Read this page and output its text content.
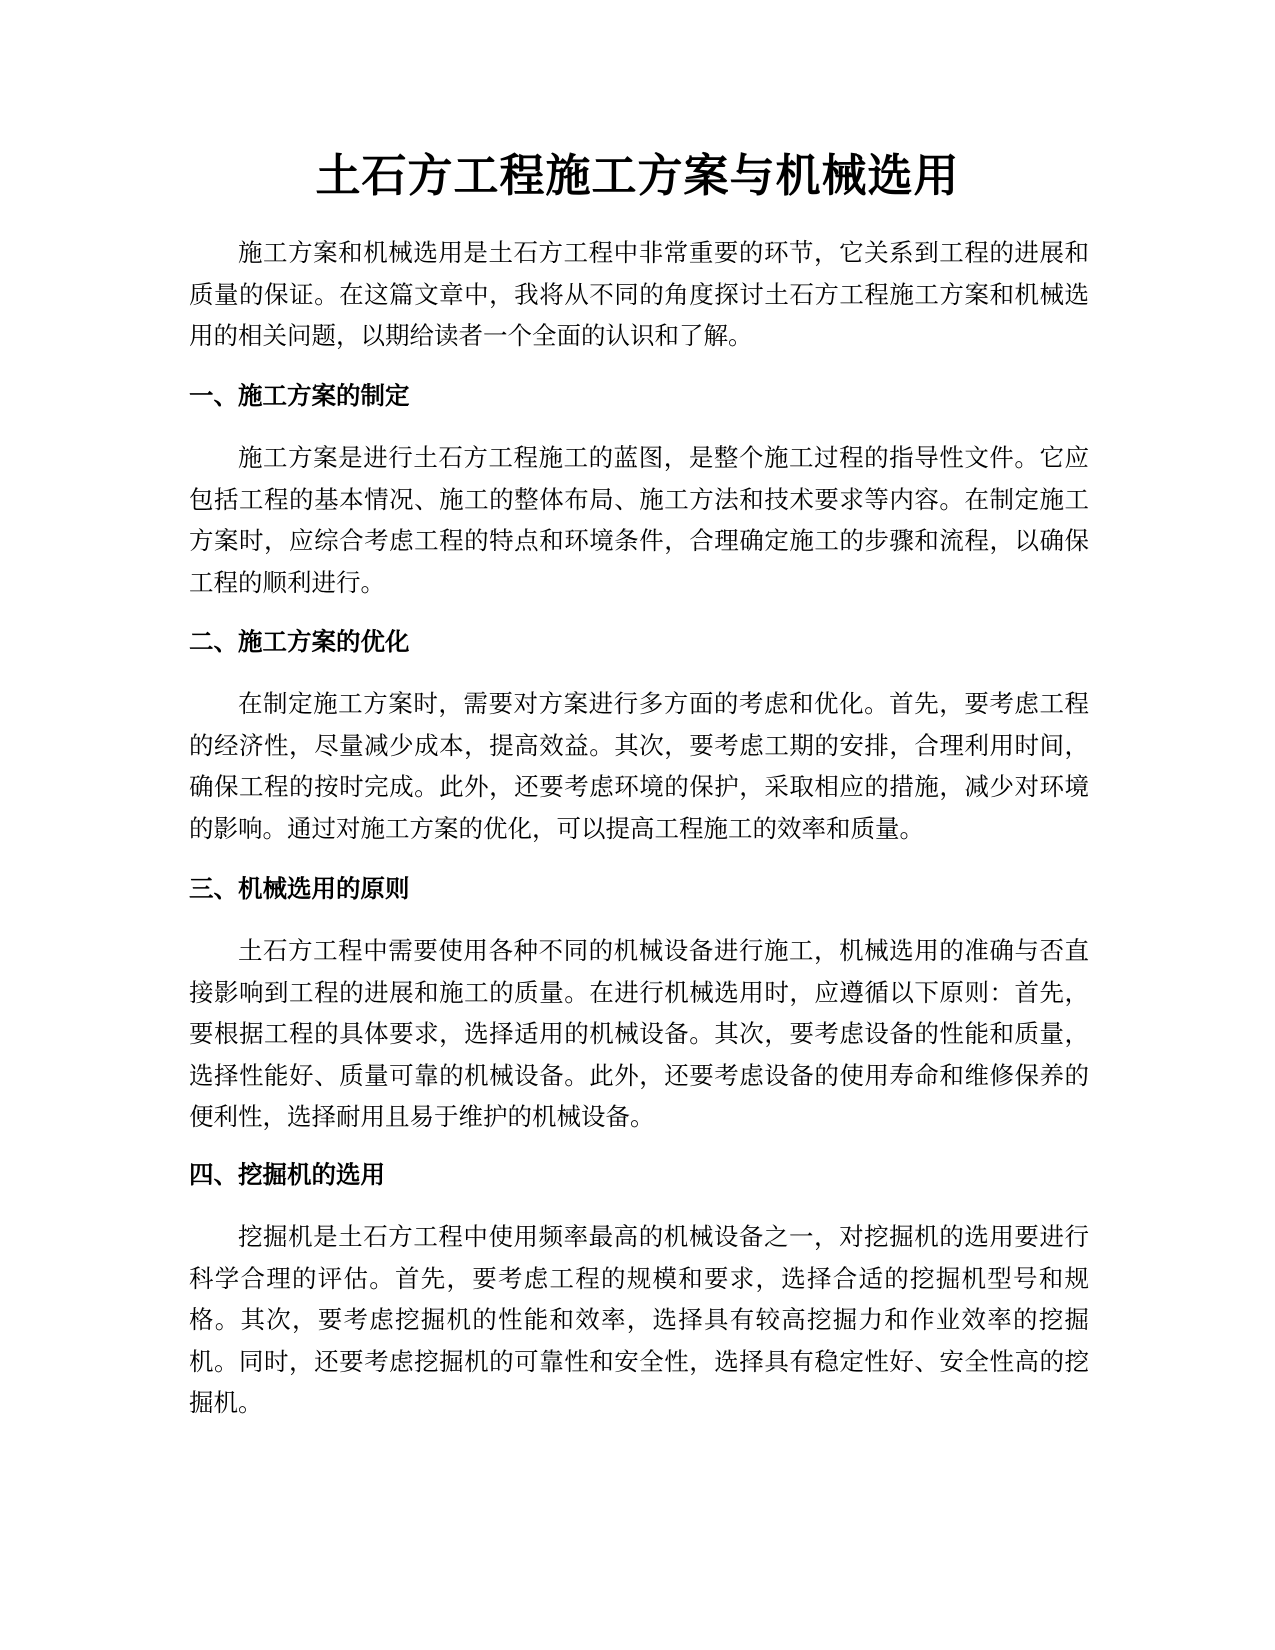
土石方工程施工方案与机械选用

施工方案和机械选用是土石方工程中非常重要的环节，它关系到工程的进展和质量的保证。在这篇文章中，我将从不同的角度探讨土石方工程施工方案和机械选用的相关问题，以期给读者一个全面的认识和了解。

一、施工方案的制定

施工方案是进行土石方工程施工的蓝图，是整个施工过程的指导性文件。它应包括工程的基本情况、施工的整体布局、施工方法和技术要求等内容。在制定施工方案时，应综合考虑工程的特点和环境条件，合理确定施工的步骤和流程，以确保工程的顺利进行。

二、施工方案的优化

在制定施工方案时，需要对方案进行多方面的考虑和优化。首先，要考虑工程的经济性，尽量减少成本，提高效益。其次，要考虑工期的安排，合理利用时间，确保工程的按时完成。此外，还要考虑环境的保护，采取相应的措施，减少对环境的影响。通过对施工方案的优化，可以提高工程施工的效率和质量。

三、机械选用的原则

土石方工程中需要使用各种不同的机械设备进行施工，机械选用的准确与否直接影响到工程的进展和施工的质量。在进行机械选用时，应遵循以下原则：首先，要根据工程的具体要求，选择适用的机械设备。其次，要考虑设备的性能和质量，选择性能好、质量可靠的机械设备。此外，还要考虑设备的使用寿命和维修保养的便利性，选择耐用且易于维护的机械设备。

四、挖掘机的选用

挖掘机是土石方工程中使用频率最高的机械设备之一，对挖掘机的选用要进行科学合理的评估。首先，要考虑工程的规模和要求，选择合适的挖掘机型号和规格。其次，要考虑挖掘机的性能和效率，选择具有较高挖掘力和作业效率的挖掘机。同时，还要考虑挖掘机的可靠性和安全性，选择具有稳定性好、安全性高的挖掘机。
